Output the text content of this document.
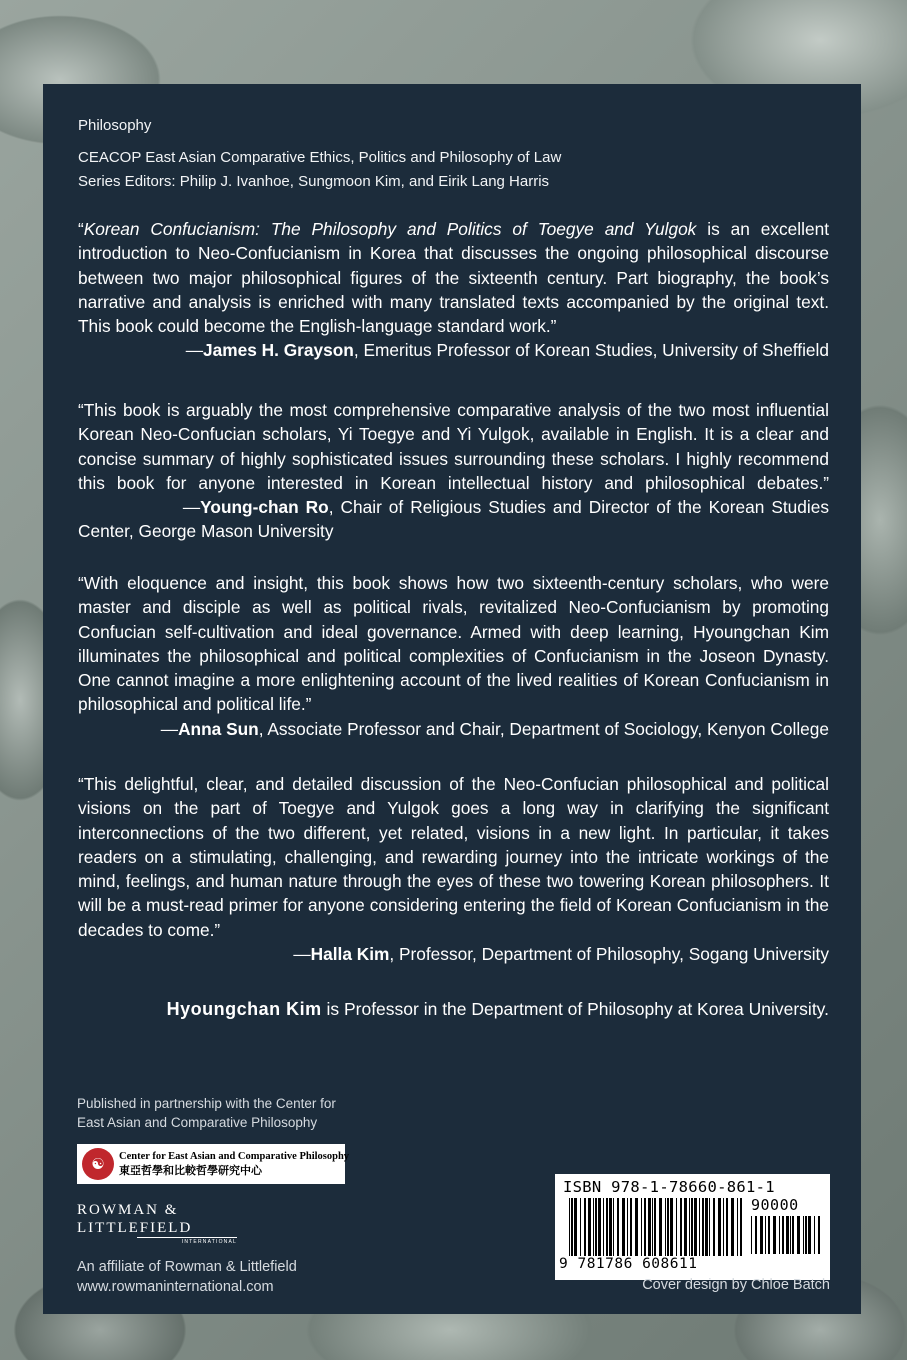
Philosophy
CEACOP East Asian Comparative Ethics, Politics and Philosophy of Law
Series Editors: Philip J. Ivanhoe, Sungmoon Kim, and Eirik Lang Harris

“Korean Confucianism: The Philosophy and Politics of Toegye and Yulgok is an excellent introduction to Neo-Confucianism in Korea that discusses the ongoing philosophical discourse between two major philosophical figures of the sixteenth century. Part biography, the book’s narrative and analysis is enriched with many translated texts accompanied by the original text. This book could become the English-language standard work.”

—James H. Grayson, Emeritus Professor of Korean Studies, University of Sheffield

“This book is arguably the most comprehensive comparative analysis of the two most influential Korean Neo-Confucian scholars, Yi Toegye and Yi Yulgok, available in English. It is a clear and concise summary of highly sophisticated issues surrounding these scholars. I highly recommend this book for anyone interested in Korean intellectual history and philosophical debates.”                —Young-chan Ro, Chair of Religious Studies and Director of the Korean Studies Center, George Mason University

“With eloquence and insight, this book shows how two sixteenth-century scholars, who were master and disciple as well as political rivals, revitalized Neo-Confucianism by promoting Confucian self-cultivation and ideal governance. Armed with deep learning, Hyoungchan Kim illuminates the philosophical and political complexities of Confucianism in the Joseon Dynasty. One cannot imagine a more enlightening account of the lived realities of Korean Confucianism in philosophical and political life.”

—Anna Sun, Associate Professor and Chair, Department of Sociology, Kenyon College

“This delightful, clear, and detailed discussion of the Neo-Confucian philosophical and political visions on the part of Toegye and Yulgok goes a long way in clarifying the significant interconnections of the two different, yet related, visions in a new light. In particular, it takes readers on a stimulating, challenging, and rewarding journey into the intricate workings of the mind, feelings, and human nature through the eyes of these two towering Korean philosophers. It will be a must-read primer for anyone considering entering the field of Korean Confucianism in the decades to come.”

—Halla Kim, Professor, Department of Philosophy, Sogang University

Hyoungchan Kim is Professor in the Department of Philosophy at Korea University.
Published in partnership with the Center for
East Asian and Comparative Philosophy
☯	Center for East Asian and Comparative Philosophy
東亞哲學和比較哲學研究中心
ROWMAN &
LITTLEFIELD
INTERNATIONAL
An affiliate of Rowman & Littlefield
www.rowmaninternational.com
ISBN 978-1-78660-861-1
90000
9 781786 608611
Cover design by Chloe Batch
